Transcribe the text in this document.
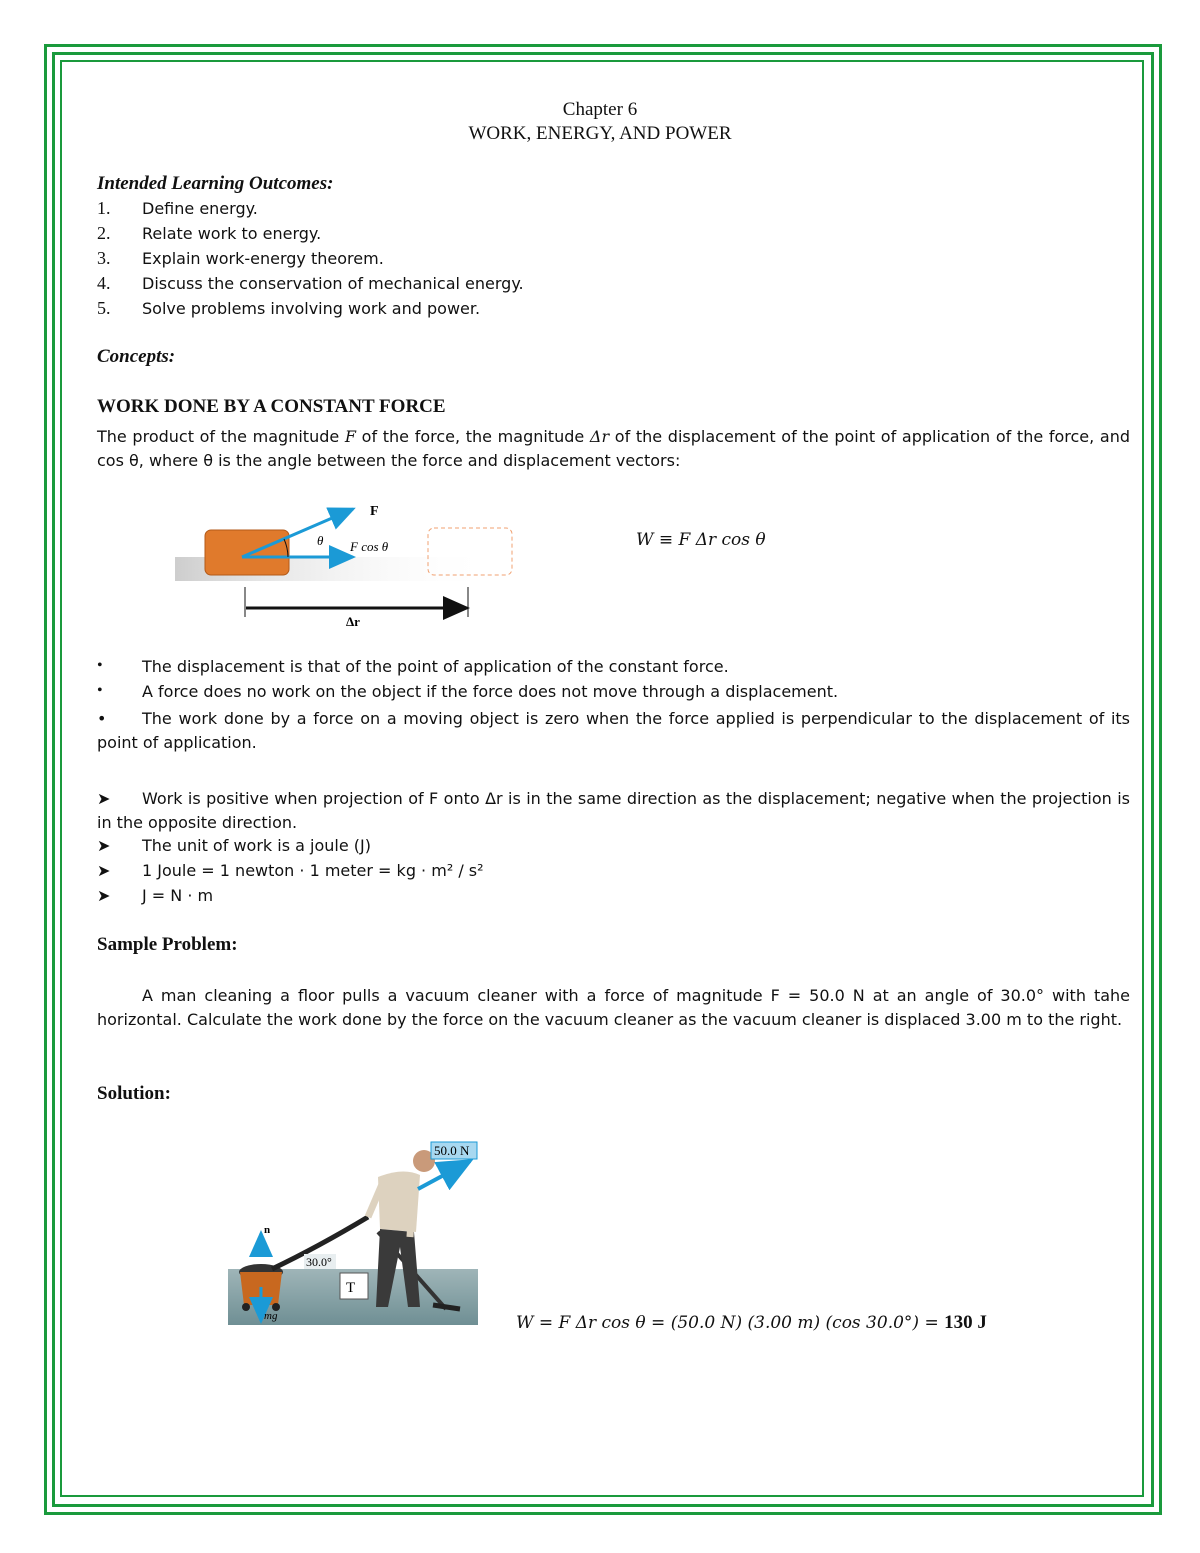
Chapter 6
WORK, ENERGY, AND POWER
Intended Learning Outcomes:
1. Define energy.
2. Relate work to energy.
3. Explain work-energy theorem.
4. Discuss the conservation of mechanical energy.
5. Solve problems involving work and power.
Concepts:
WORK DONE BY A CONSTANT FORCE
The product of the magnitude F of the force, the magnitude Δr of the displacement of the point of application of the force, and cos θ, where θ is the angle between the force and displacement vectors:
F
θ F cos θ
Δr
W ≡ F Δr cos θ
• The displacement is that of the point of application of the constant force.
• A force does no work on the object if the force does not move through a displacement.
• The work done by a force on a moving object is zero when the force applied is perpendicular to the displacement of its point of application.
➤ Work is positive when projection of F onto Δr is in the same direction as the displacement; negative when the projection is in the opposite direction.
➤ The unit of work is a joule (J)
➤ 1 Joule = 1 newton · 1 meter = kg · m² / s²
➤ J = N · m
Sample Problem:
A man cleaning a floor pulls a vacuum cleaner with a force of magnitude F = 50.0 N at an angle of 30.0° with tahe horizontal. Calculate the work done by the force on the vacuum cleaner as the vacuum cleaner is displaced 3.00 m to the right.
Solution:
50.0 N
30.0°
n
mg
T
W = F Δr cos θ = (50.0 N) (3.00 m) (cos 30.0°) = 130 J
